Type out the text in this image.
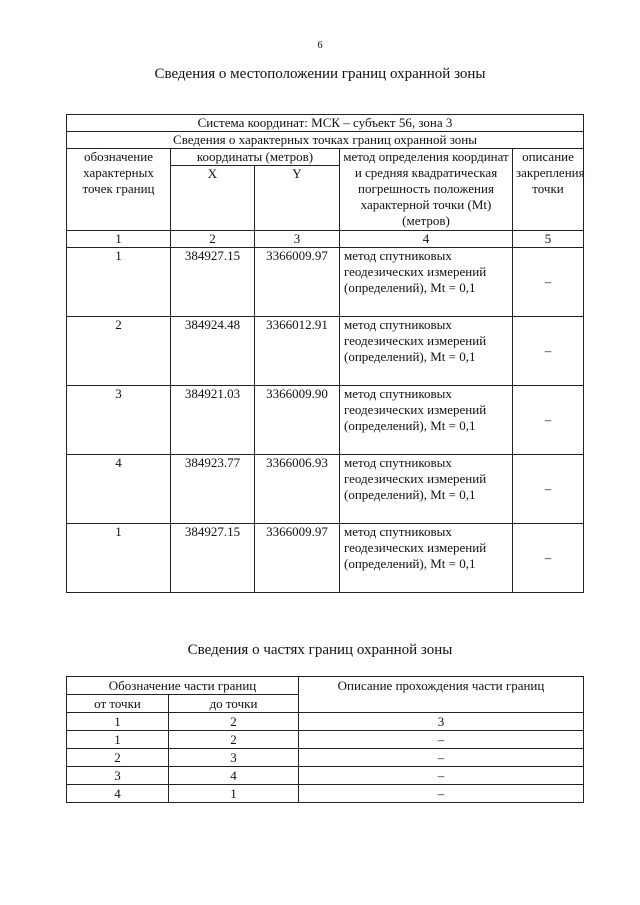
6
Сведения о местоположении границ охранной зоны
Система координат: МСК – субъект 56, зона 3				
Сведения о характерных точках границ охранной зоны				
обозначение характерных точек границ	координаты (метров)		метод определения координат и средняя квадратическая погрешность положения характерной точки (Mt) (метров)	описание закрепления точки
	X	Y		
1	2	3	4	5
1	384927.15	3366009.97	метод спутниковых геодезических измерений (определений), Mt = 0,1	–
2	384924.48	3366012.91	метод спутниковых геодезических измерений (определений), Mt = 0,1	–
3	384921.03	3366009.90	метод спутниковых геодезических измерений (определений), Mt = 0,1	–
4	384923.77	3366006.93	метод спутниковых геодезических измерений (определений), Mt = 0,1	–
1	384927.15	3366009.97	метод спутниковых геодезических измерений (определений), Mt = 0,1	–
Сведения о частях границ охранной зоны
Обозначение части границ		Описание прохождения части границ
от точки	до точки	
1	2	3
1	2	–
2	3	–
3	4	–
4	1	–
